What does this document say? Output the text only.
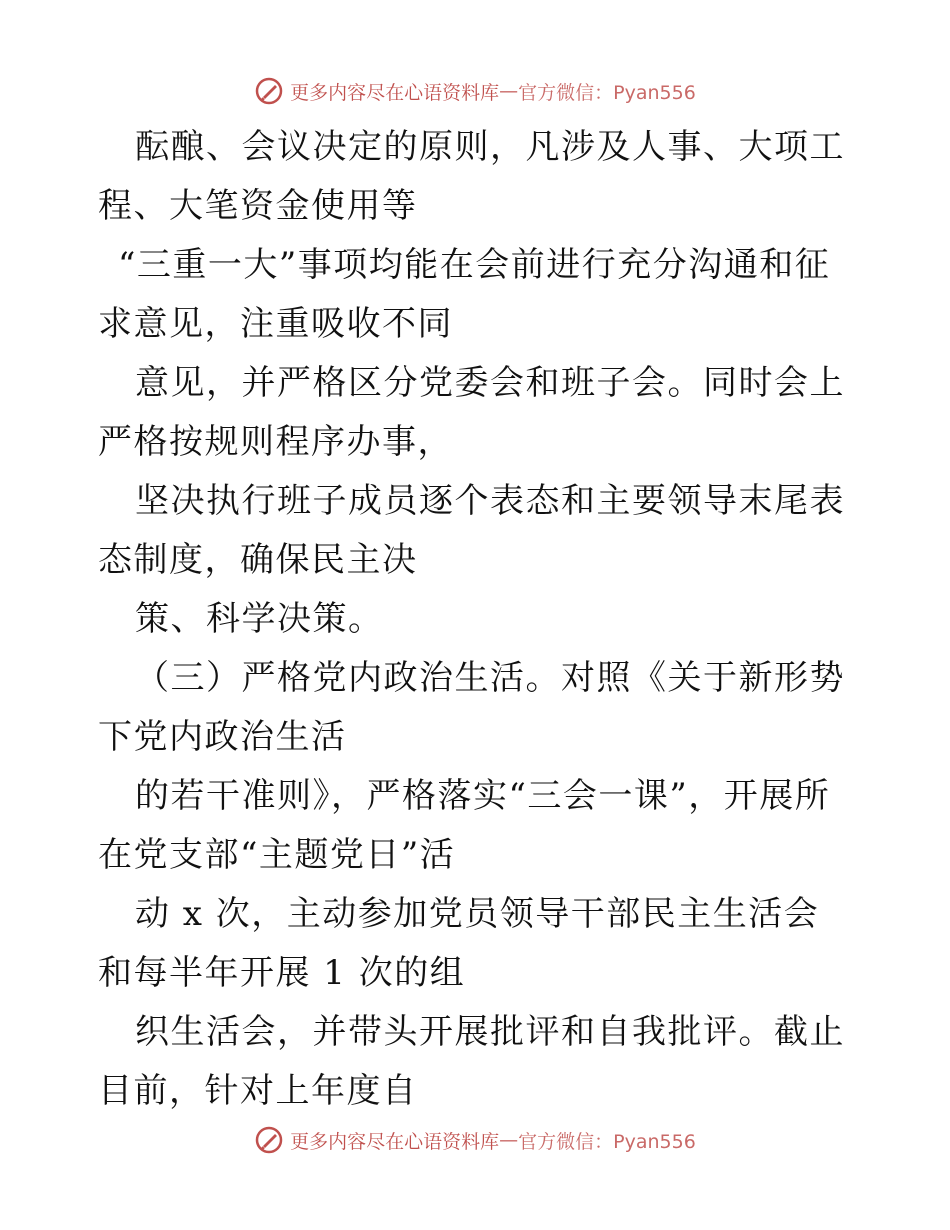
更多内容尽在心语资料库 — 官方微信：Pyan556

酝酿、会议决定的原则，凡涉及人事、大项工程、大笔资金使用等

“三重一大”事项均能在会前进行充分沟通和征求意见，注重吸收不同

意见，并严格区分党委会和班子会。同时会上严格按规则程序办事，

坚决执行班子成员逐个表态和主要领导末尾表态制度，确保民主决

策、科学决策。

（三）严格党内政治生活。对照《关于新形势下党内政治生活

的若干准则》，严格落实“三会一课”，开展所在党支部“主题党日”活

动 x 次，主动参加党员领导干部民主生活会和每半年开展 1 次的组

织生活会，并带头开展批评和自我批评。截止目前，针对上年度自

更多内容尽在心语资料库 — 官方微信：Pyan556
